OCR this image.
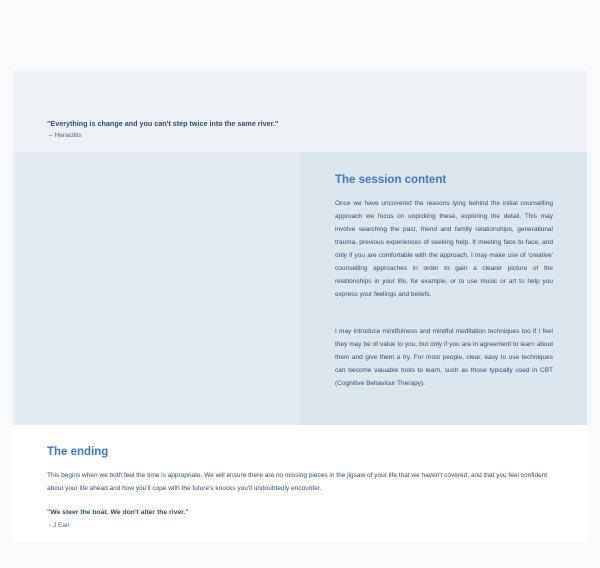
"Everything is change and you can't step twice into the same river."

– Heraclitis

The session content

Once we have uncovered the reasons lying behind the initial counselling approach we focus on unpicking these, exploring the detail. This may involve searching the past, friend and family relationships, generational trauma, previous experiences of seeking help. If meeting face to face, and only if you are comfortable with the approach, I may make use of 'creative' counselling approaches in order to gain a clearer picture of the relationships in your life, for example, or to use music or art to help you express your feelings and beliefs.

I may introduce mindfulness and mindful meditation techniques too if I feel they may be of value to you, but only if you are in agreement to learn about them and give them a try. For most people, clear, easy to use techniques can become valuable tools to learn, such as those typically used in CBT (Cognitive Behaviour Therapy).

The ending

This begins when we both feel the time is appropriate. We will ensure there are no missing pieces in the jigsaw of your life that we haven't covered, and that you feel confident about your life ahead and how you'll cope with the future's knocks you'll undoubtedly encounter.

"We steer the boat. We don't alter the river."

- J Earl
